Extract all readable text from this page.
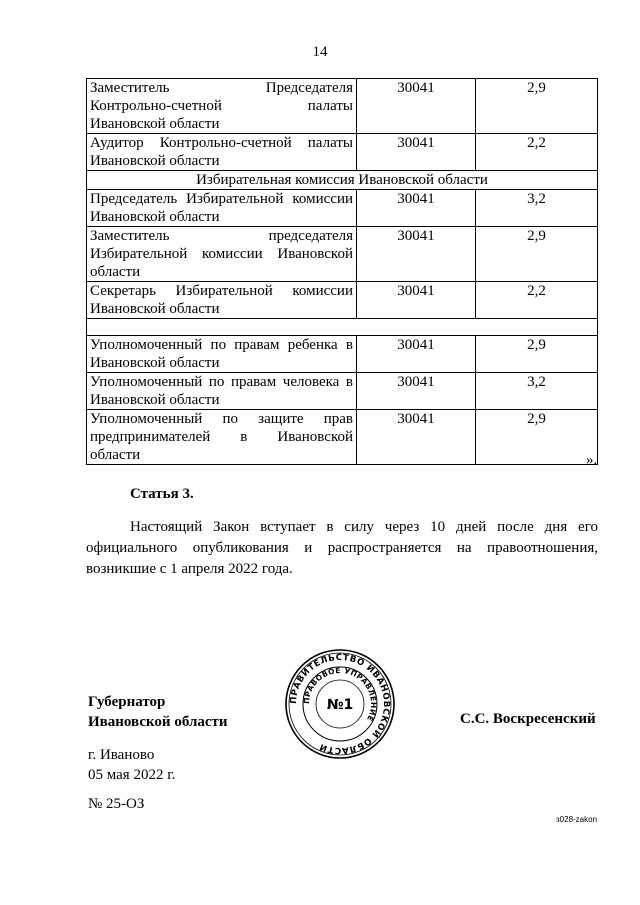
14
Заместитель Председателя
Контрольно-счетной палаты
Ивановской области	30041	2,9

Аудитор Контрольно-счетной палаты
Ивановской области	30041	2,2
Избирательная комиссия Ивановской области		

Председатель Избирательной комиссии
Ивановской области	30041	3,2

Заместитель председателя
Избирательной комиссии Ивановской
области	30041	2,9

Секретарь Избирательной комиссии
Ивановской области	30041	2,2

Уполномоченный по правам ребенка в
Ивановской области	30041	2,9

Уполномоченный по правам человека в
Ивановской области	30041	3,2

Уполномоченный по защите прав
предпринимателей в Ивановской
области	30041	2,9
».
Статья 3.
Настоящий Закон вступает в силу через 10 дней после дня его официального опубликования и распространяется на правоотношения, возникшие с 1 апреля 2022 года.
Губернатор
Ивановской области
ПРАВИТЕЛЬСТВО ИВАНОВСКОЙ ОБЛАСТИ
ПРАВОВОЕ УПРАВЛЕНИЕ
№1
С.С. Воскресенский
г. Иваново
05 мая 2022 г.
№ 25-ОЗ
з028-zakon
